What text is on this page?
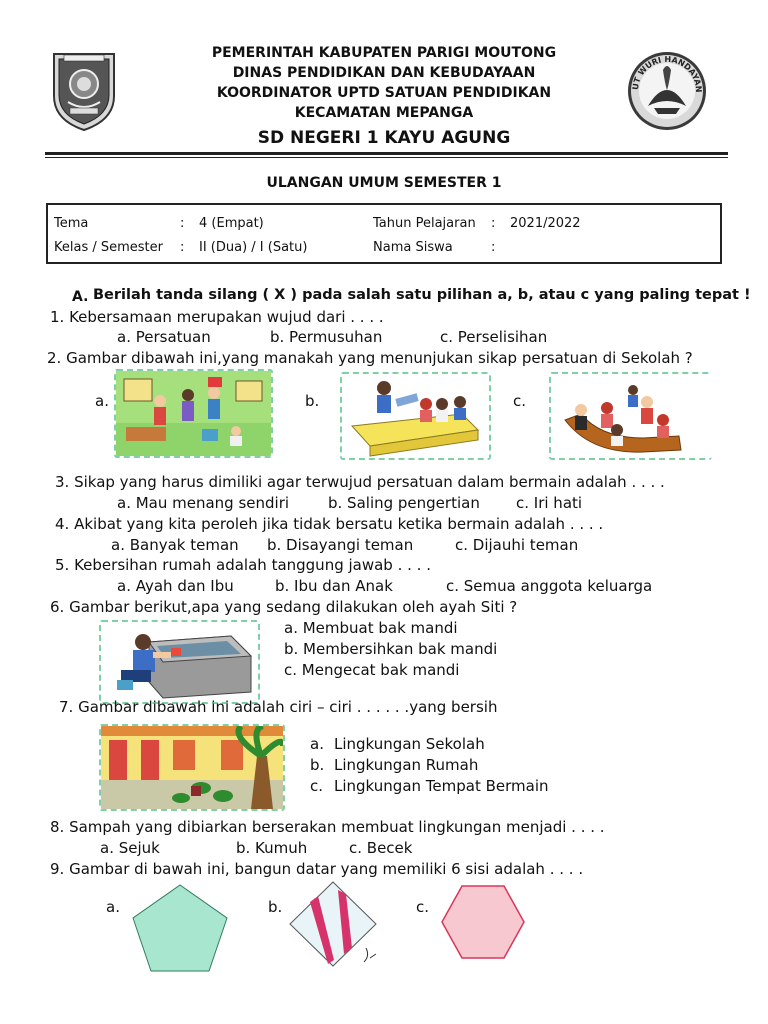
UT WURI HANDAYAN
PEMERINTAH KABUPATEN PARIGI MOUTONG
DINAS PENDIDIKAN DAN KEBUDAYAAN
KOORDINATOR UPTD SATUAN PENDIDIKAN
KECAMATAN MEPANGA
SD NEGERI 1 KAYU AGUNG
ULANGAN UMUM SEMESTER 1
Tema	:	4 (Empat)	Tahun Pelajaran	:	2021/2022
Kelas / Semester	:	II (Dua) / I (Satu)	Nama Siswa	:	
A. Berilah tanda silang ( X ) pada salah satu pilihan a, b, atau c yang paling tepat !
1. Kebersamaan merupakan wujud dari . . . .
a. Persatuan	b. Permusuhan	c. Perselisihan
2. Gambar dibawah ini,yang manakah yang menunjukan sikap persatuan di Sekolah ?
a.	b.	c.
3. Sikap yang harus dimiliki agar terwujud persatuan dalam bermain adalah . . . .
a. Mau menang sendiri	b. Saling pengertian c. Iri hati
4. Akibat yang kita peroleh jika tidak bersatu ketika bermain adalah . . . .
a. Banyak teman b. Disayangi teman	c. Dijauhi teman
5. Kebersihan rumah adalah tanggung jawab . . . .
a. Ayah dan Ibu	b. Ibu dan Anak	c. Semua anggota keluarga
6. Gambar berikut,apa yang sedang dilakukan oleh ayah Siti ?
a. Membuat bak mandi
b. Membersihkan bak mandi
c. Mengecat bak mandi
7. Gambar dibawah ini adalah ciri – ciri . . . . . .yang bersih
a. Lingkungan Sekolah
b. Lingkungan Rumah
c. Lingkungan Tempat Bermain
8. Sampah yang dibiarkan berserakan membuat lingkungan menjadi . . . .
a. Sejuk	b. Kumuh	c. Becek
9. Gambar di bawah ini, bangun datar yang memiliki 6 sisi adalah . . . .
a.	b.	c.
